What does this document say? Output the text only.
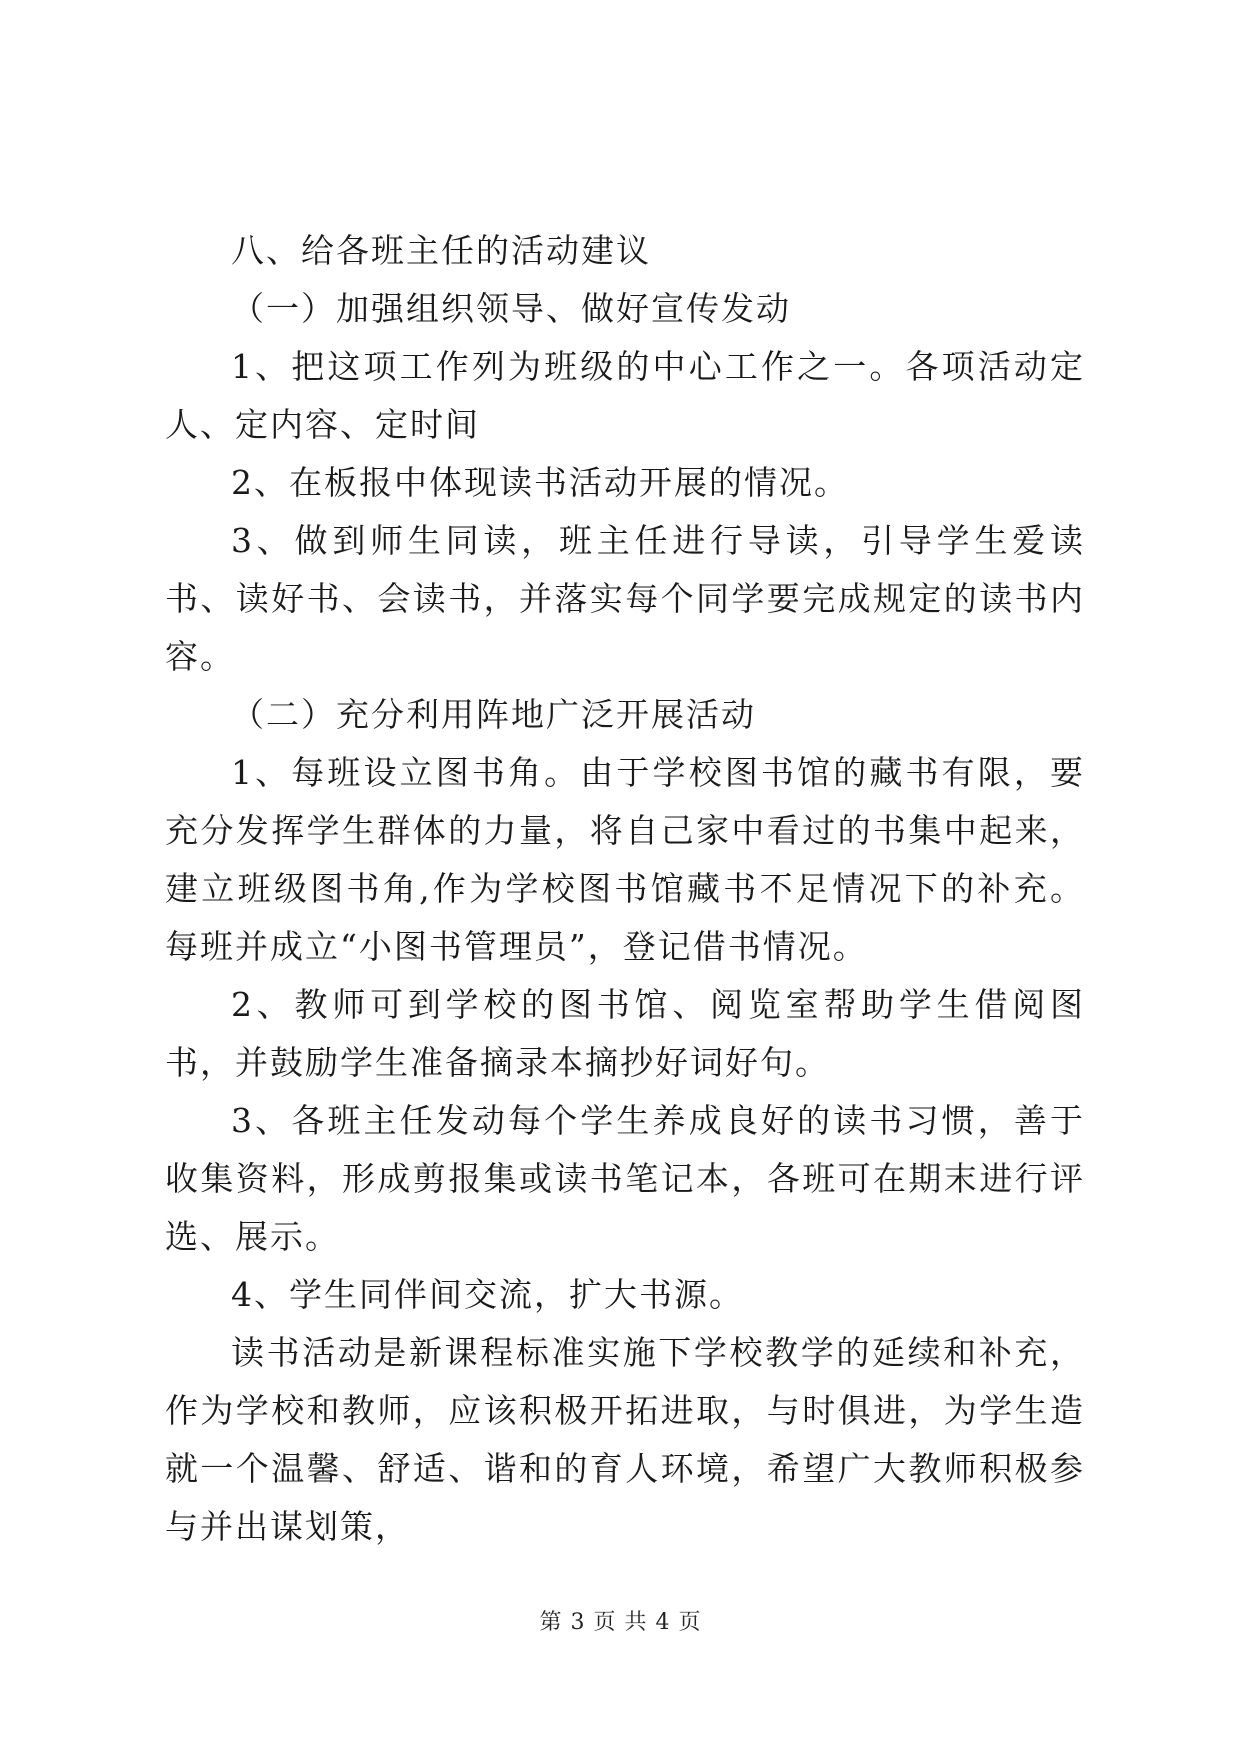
八、给各班主任的活动建议

（一）加强组织领导、做好宣传发动

1、把这项工作列为班级的中心工作之一。各项活动定人、定内容、定时间

2、在板报中体现读书活动开展的情况。

3、做到师生同读，班主任进行导读，引导学生爱读书、读好书、会读书，并落实每个同学要完成规定的读书内容。

（二）充分利用阵地广泛开展活动

1、每班设立图书角。由于学校图书馆的藏书有限，要充分发挥学生群体的力量，将自己家中看过的书集中起来，建立班级图书角,作为学校图书馆藏书不足情况下的补充。每班并成立“小图书管理员”，登记借书情况。

2、教师可到学校的图书馆、阅览室帮助学生借阅图书，并鼓励学生准备摘录本摘抄好词好句。

3、各班主任发动每个学生养成良好的读书习惯，善于收集资料，形成剪报集或读书笔记本，各班可在期末进行评选、展示。

4、学生同伴间交流，扩大书源。

读书活动是新课程标准实施下学校教学的延续和补充，作为学校和教师，应该积极开拓进取，与时俱进，为学生造就一个温馨、舒适、谐和的育人环境，希望广大教师积极参与并出谋划策，

第 3 页 共 4 页
